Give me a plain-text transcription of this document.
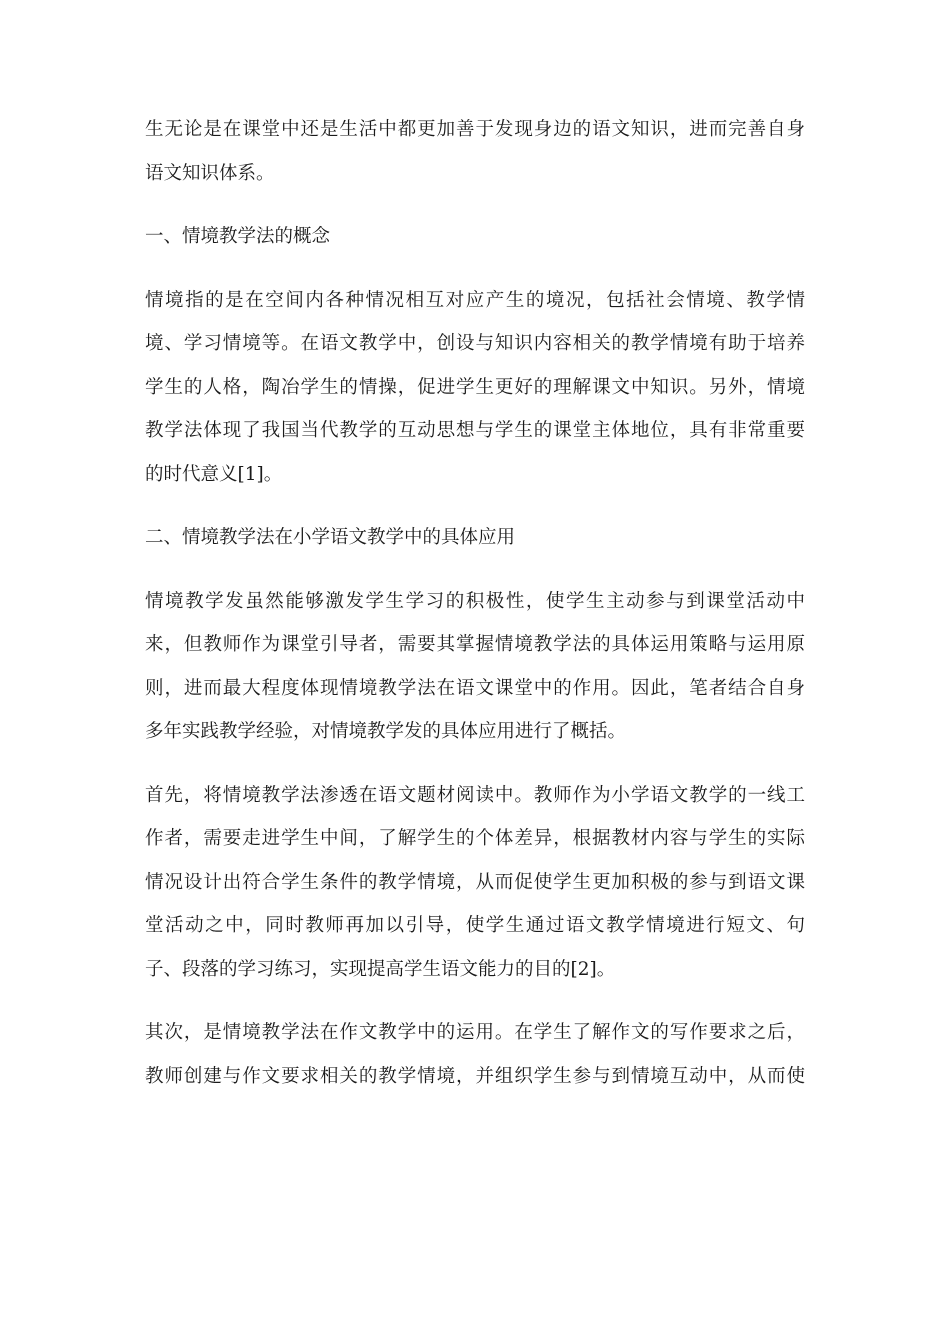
生无论是在课堂中还是生活中都更加善于发现身边的语文知识，进而完善自身
语文知识体系。
一、情境教学法的概念
情境指的是在空间内各种情况相互对应产生的境况，包括社会情境、教学情
境、学习情境等。在语文教学中，创设与知识内容相关的教学情境有助于培养
学生的人格，陶冶学生的情操，促进学生更好的理解课文中知识。另外，情境
教学法体现了我国当代教学的互动思想与学生的课堂主体地位，具有非常重要
的时代意义[1]。
二、情境教学法在小学语文教学中的具体应用
情境教学发虽然能够激发学生学习的积极性，使学生主动参与到课堂活动中
来，但教师作为课堂引导者，需要其掌握情境教学法的具体运用策略与运用原
则，进而最大程度体现情境教学法在语文课堂中的作用。因此，笔者结合自身
多年实践教学经验，对情境教学发的具体应用进行了概括。
首先，将情境教学法渗透在语文题材阅读中。教师作为小学语文教学的一线工
作者，需要走进学生中间，了解学生的个体差异，根据教材内容与学生的实际
情况设计出符合学生条件的教学情境，从而促使学生更加积极的参与到语文课
堂活动之中，同时教师再加以引导，使学生通过语文教学情境进行短文、句
子、段落的学习练习，实现提高学生语文能力的目的[2]。
其次，是情境教学法在作文教学中的运用。在学生了解作文的写作要求之后，
教师创建与作文要求相关的教学情境，并组织学生参与到情境互动中，从而使
